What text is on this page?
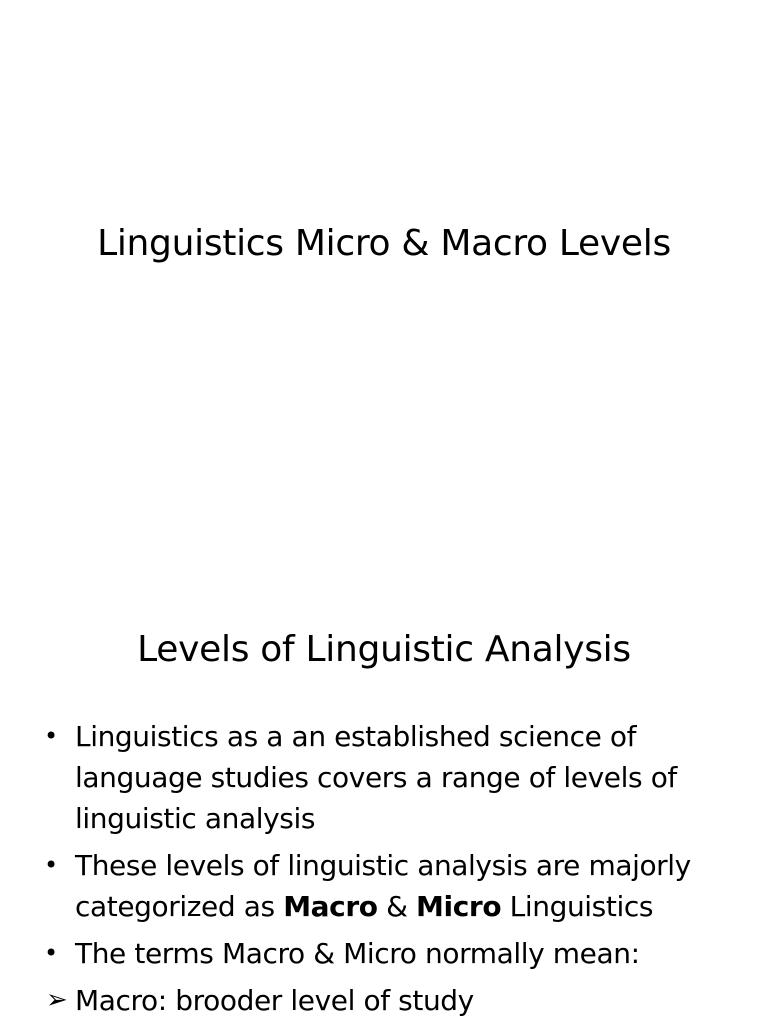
Linguistics Micro & Macro Levels
Levels of Linguistic Analysis
• Linguistics as a an established science of language studies covers a range of levels of linguistic analysis
• These levels of linguistic analysis are majorly categorized as Macro & Micro Linguistics
• The terms Macro & Micro normally mean:
➢ Macro: brooder level of study
